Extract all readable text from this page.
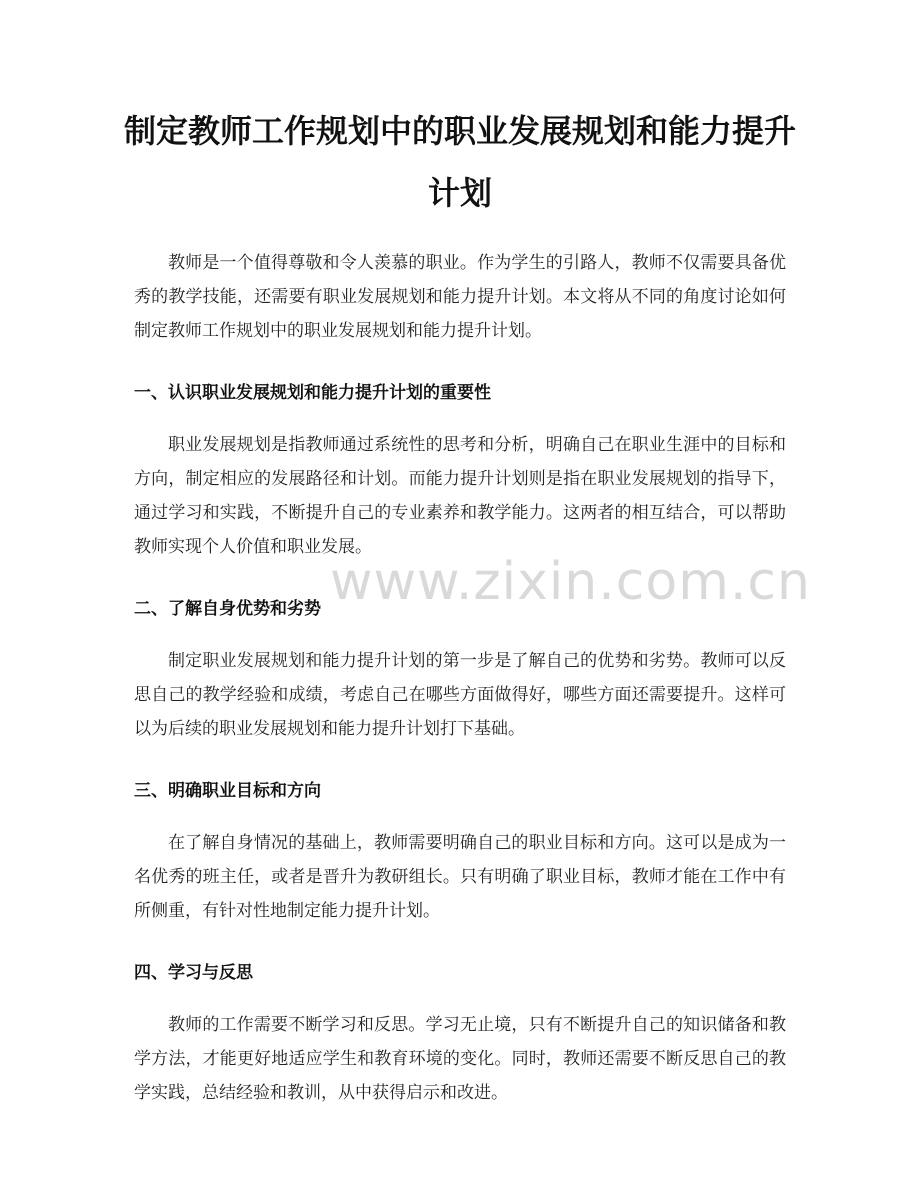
制定教师工作规划中的职业发展规划和能力提升计划

教师是一个值得尊敬和令人羡慕的职业。作为学生的引路人，教师不仅需要具备优秀的教学技能，还需要有职业发展规划和能力提升计划。本文将从不同的角度讨论如何制定教师工作规划中的职业发展规划和能力提升计划。

一、认识职业发展规划和能力提升计划的重要性

职业发展规划是指教师通过系统性的思考和分析，明确自己在职业生涯中的目标和方向，制定相应的发展路径和计划。而能力提升计划则是指在职业发展规划的指导下，通过学习和实践，不断提升自己的专业素养和教学能力。这两者的相互结合，可以帮助教师实现个人价值和职业发展。

二、了解自身优势和劣势

制定职业发展规划和能力提升计划的第一步是了解自己的优势和劣势。教师可以反思自己的教学经验和成绩，考虑自己在哪些方面做得好，哪些方面还需要提升。这样可以为后续的职业发展规划和能力提升计划打下基础。

三、明确职业目标和方向

在了解自身情况的基础上，教师需要明确自己的职业目标和方向。这可以是成为一名优秀的班主任，或者是晋升为教研组长。只有明确了职业目标，教师才能在工作中有所侧重，有针对性地制定能力提升计划。

四、学习与反思

教师的工作需要不断学习和反思。学习无止境，只有不断提升自己的知识储备和教学方法，才能更好地适应学生和教育环境的变化。同时，教师还需要不断反思自己的教学实践，总结经验和教训，从中获得启示和改进。

www.zixin.com.cn
